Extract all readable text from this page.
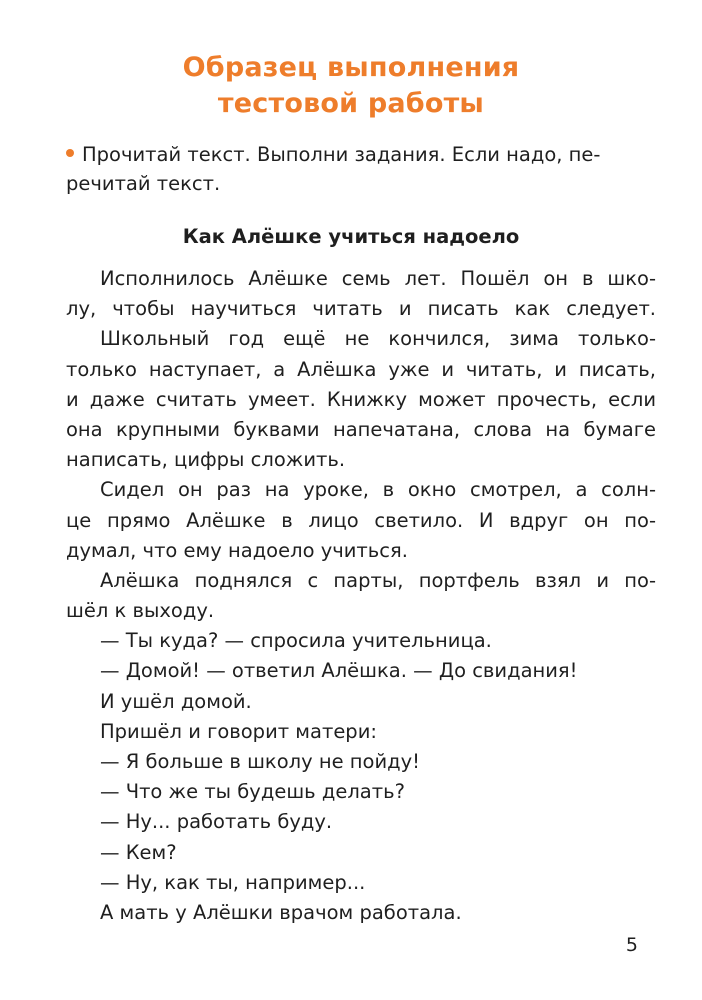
Образец выполнения
тестовой работы
Прочитай текст. Выполни задания. Если надо, пе-
речитай текст.
Как Алёшке учиться надоело
Исполнилось Алёшке семь лет. Пошёл он в шко-
лу, чтобы научиться читать и писать как следует.
Школьный год ещё не кончился, зима только-
только наступает, а Алёшка уже и читать, и писать,
и даже считать умеет. Книжку может прочесть, если
она крупными буквами напечатана, слова на бумаге
написать, цифры сложить.
Сидел он раз на уроке, в окно смотрел, а солн-
це прямо Алёшке в лицо светило. И вдруг он по-
думал, что ему надоело учиться.
Алёшка поднялся с парты, портфель взял и по-
шёл к выходу.
— Ты куда? — спросила учительница.
— Домой! — ответил Алёшка. — До свидания!
И ушёл домой.
Пришёл и говорит матери:
— Я больше в школу не пойду!
— Что же ты будешь делать?
— Ну... работать буду.
— Кем?
— Ну, как ты, например...
А мать у Алёшки врачом работала.
5
